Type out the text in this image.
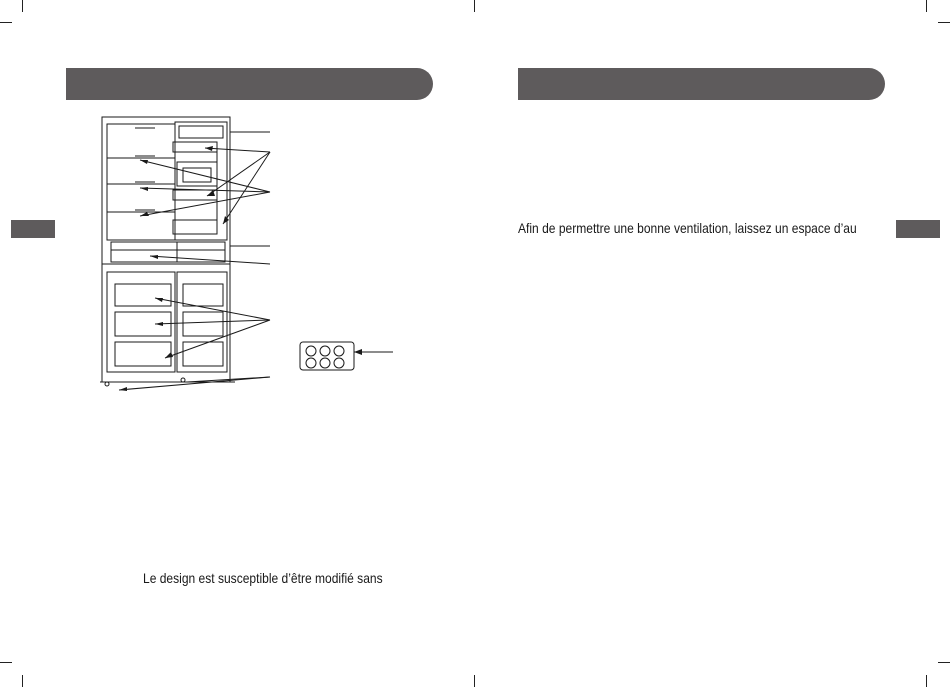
Le design est susceptible d’être modifié sans
Afin de permettre une bonne ventilation, laissez un espace d’au
